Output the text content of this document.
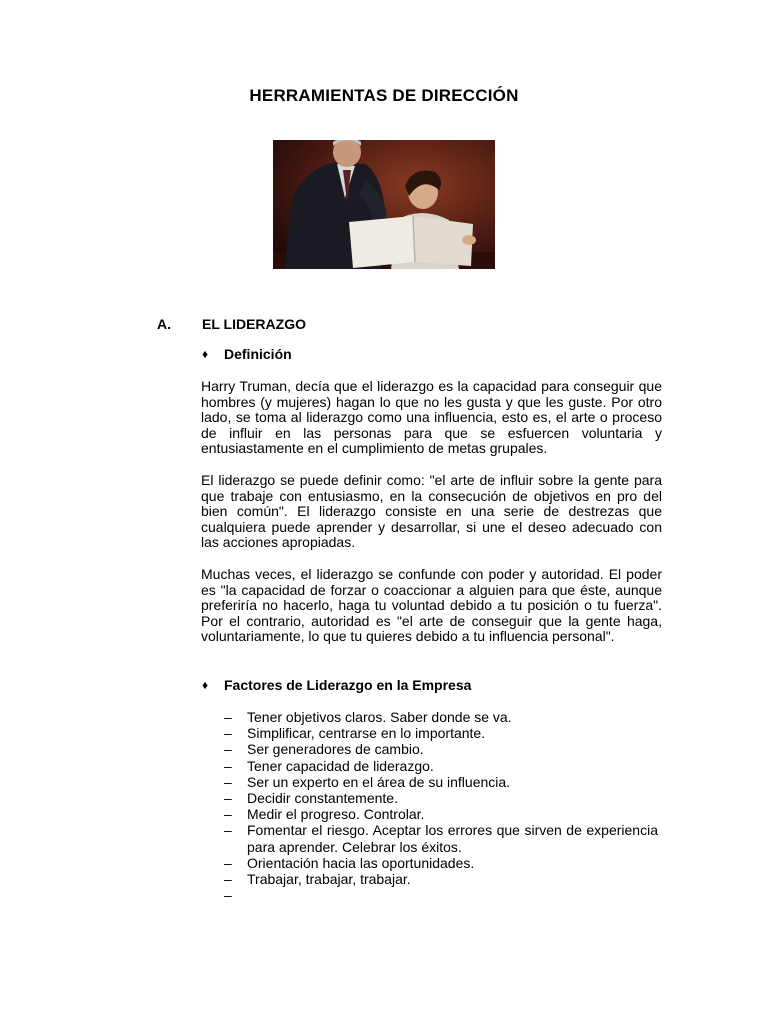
HERRAMIENTAS DE DIRECCIÓN
A. EL LIDERAZGO
♦ Definición
Harry Truman, decía que el liderazgo es la capacidad para conseguir que hombres (y mujeres) hagan lo que no les gusta y que les guste. Por otro lado, se toma al liderazgo como una influencia, esto es, el arte o proceso de influir en las personas para que se esfuercen voluntaria y entusiastamente en el cumplimiento de metas grupales.
El liderazgo se puede definir como: "el arte de influir sobre la gente para que trabaje con entusiasmo, en la consecución de objetivos en pro del bien común". El liderazgo consiste en una serie de destrezas que cualquiera puede aprender y desarrollar, si une el deseo adecuado con las acciones apropiadas.
Muchas veces, el liderazgo se confunde con poder y autoridad. El poder es "la capacidad de forzar o coaccionar a alguien para que éste, aunque preferiría no hacerlo, haga tu voluntad debido a tu posición o tu fuerza". Por el contrario, autoridad es "el arte de conseguir que la gente haga, voluntariamente, lo que tu quieres debido a tu influencia personal".
♦ Factores de Liderazgo en la Empresa
– Tener objetivos claros. Saber donde se va.
– Simplificar, centrarse en lo importante.
– Ser generadores de cambio.
– Tener capacidad de liderazgo.
– Ser un experto en el área de su influencia.
– Decidir constantemente.
– Medir el progreso. Controlar.
– Fomentar el riesgo. Aceptar los errores que sirven de experiencia para aprender. Celebrar los éxitos.
– Orientación hacia las oportunidades.
– Trabajar, trabajar, trabajar.
–
